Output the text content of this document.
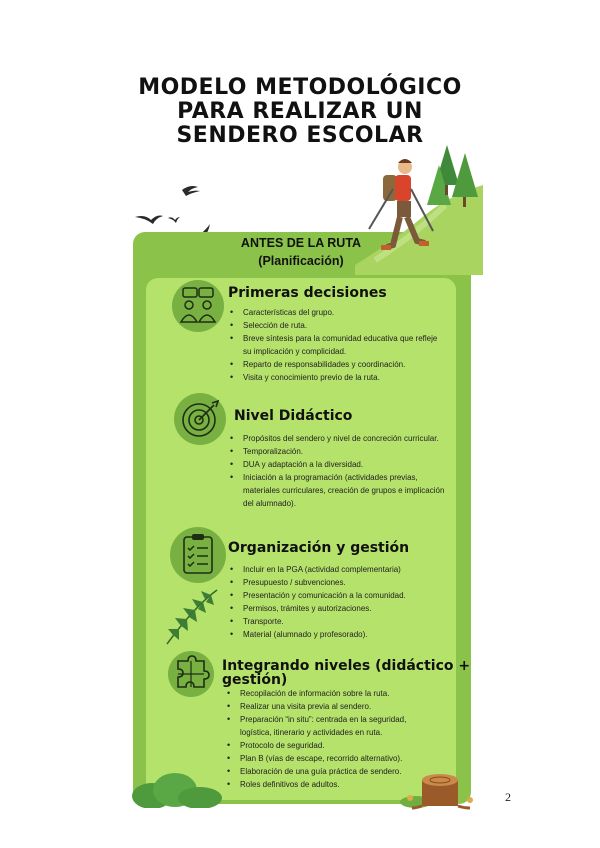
MODELO METODOLÓGICO
PARA REALIZAR UN
SENDERO ESCOLAR
ANTES DE LA RUTA
(Planificación)
Primeras decisiones
• Características del grupo.
• Selección de ruta.
• Breve síntesis para la comunidad educativa que refleje su implicación y complicidad.
• Reparto de responsabilidades y coordinación.
• Visita y conocimiento previo de la ruta.
Nivel Didáctico
• Propósitos del sendero y nivel de concreción curricular.
• Temporalización.
• DUA y adaptación a la diversidad.
• Iniciación a la programación (actividades previas, materiales curriculares, creación de grupos e implicación del alumnado).
Organización y gestión
• Incluir en la PGA (actividad complementaria)
• Presupuesto / subvenciones.
• Presentación y comunicación a la comunidad.
• Permisos, trámites y autorizaciones.
• Transporte.
• Material (alumnado y profesorado).
Integrando niveles (didáctico +
gestión)
• Recopilación de información sobre la ruta.
• Realizar una visita previa al sendero.
• Preparación “in situ”: centrada en la seguridad, logística, itinerario y actividades en ruta.
• Protocolo de seguridad.
• Plan B (vías de escape, recorrido alternativo).
• Elaboración de una guía práctica de sendero.
• Roles definitivos de adultos.
2
